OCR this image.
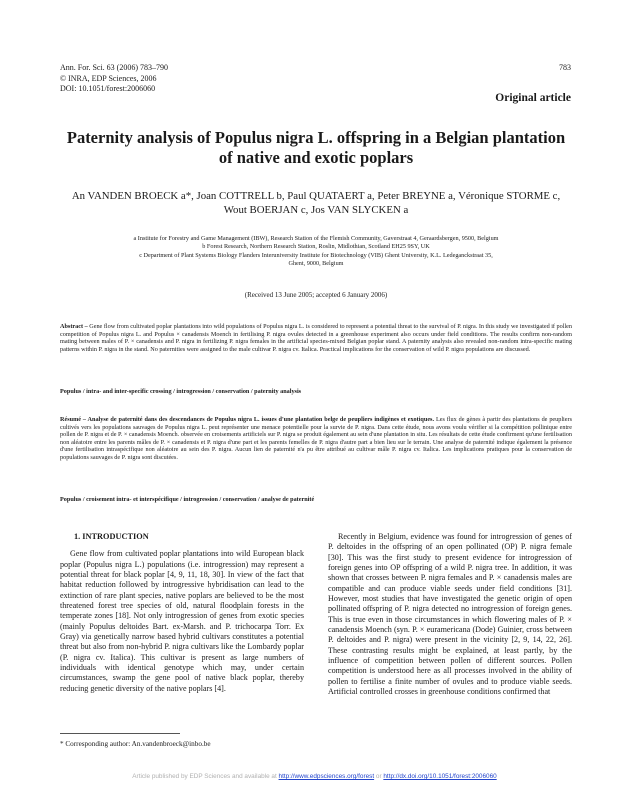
Ann. For. Sci. 63 (2006) 783–790
© INRA, EDP Sciences, 2006
DOI: 10.1051/forest:2006060
783
Original article
Paternity analysis of Populus nigra L. offspring in a Belgian plantation
of native and exotic poplars
An VANDEN BROECK a*, Joan COTTRELL b, Paul QUATAERT a, Peter BREYNE a, Véronique STORME c,
Wout BOERJAN c, Jos VAN SLYCKEN a
a Institute for Forestry and Game Management (IBW), Research Station of the Flemish Community, Gaverstraat 4, Geraardsbergen, 9500, Belgium
b Forest Research, Northern Research Station, Roslin, Midlothian, Scotland EH25 9SY, UK
c Department of Plant Systems Biology Flanders Interuniversity Institute for Biotechnology (VIB) Ghent University, K.L. Ledeganckstraat 35,
Ghent, 9000, Belgium
(Received 13 June 2005; accepted 6 January 2006)
Abstract – Gene flow from cultivated poplar plantations into wild populations of Populus nigra L. is considered to represent a potential threat to the survival of P. nigra. In this study we investigated if pollen competition of Populus nigra L. and Populus × canadensis Moench in fertilising P. nigra ovules detected in a greenhouse experiment also occurs under field conditions. The results confirm non-random mating between males of P. × canadensis and P. nigra in fertilizing P. nigra females in the artificial species-mixed Belgian poplar stand. A paternity analysis also revealed non-random intra-specific mating patterns within P. nigra in the stand. No paternities were assigned to the male cultivar P. nigra cv. Italica. Practical implications for the conservation of wild P. nigra populations are discussed.
Populus / intra- and inter-specific crossing / introgression / conservation / paternity analysis
Résumé – Analyse de paternité dans des descendances de Populus nigra L. issues d'une plantation belge de peupliers indigènes et exotiques. Les flux de gènes à partir des plantations de peupliers cultivés vers les populations sauvages de Populus nigra L. peut représenter une menace potentielle pour la survie de P. nigra. Dans cette étude, nous avons voulu vérifier si la compétition pollinique entre pollen de P. nigra et de P. × canadensis Moench. observée en croisements artificiels sur P. nigra se produit également au sein d'une plantation in situ. Les résultats de cette étude confirment qu'une fertilisation non aléatoire entre les parents mâles de P. × canadensis et P. nigra d'une part et les parents femelles de P. nigra d'autre part a bien lieu sur le terrain. Une analyse de paternité indique également la présence d'une fertilisation intraspécifique non aléatoire au sein des P. nigra. Aucun lien de paternité n'a pu être attribué au cultivar mâle P. nigra cv. Italica. Les implications pratiques pour la conservation de populations sauvages de P. nigra sont discutées.
Populus / croisement intra- et interspécifique / introgression / conservation / analyse de paternité
1. INTRODUCTION

Gene flow from cultivated poplar plantations into wild European black poplar (Populus nigra L.) populations (i.e. introgression) may represent a potential threat for black poplar [4, 9, 11, 18, 30]. In view of the fact that habitat reduction followed by introgressive hybridisation can lead to the extinction of rare plant species, native poplars are believed to be the most threatened forest tree species of old, natural floodplain forests in the temperate zones [18]. Not only introgression of genes from exotic species (mainly Populus deltoides Bart. ex-Marsh. and P. trichocarpa Torr. Ex Gray) via genetically narrow based hybrid cultivars constitutes a potential threat but also from non-hybrid P. nigra cultivars like the Lombardy poplar (P. nigra cv. Italica). This cultivar is present as large numbers of individuals with identical genotype which may, under certain circumstances, swamp the gene pool of native black poplar, thereby reducing genetic diversity of the native poplars [4].

Recently in Belgium, evidence was found for introgression of genes of P. deltoides in the offspring of an open pollinated (OP) P. nigra female [30]. This was the first study to present evidence for introgression of foreign genes into OP offspring of a wild P. nigra tree. In addition, it was shown that crosses between P. nigra females and P. × canadensis males are compatible and can produce viable seeds under field conditions [31]. However, most studies that have investigated the genetic origin of open pollinated offspring of P. nigra detected no introgression of foreign genes. This is true even in those circumstances in which flowering males of P. × canadensis Moench (syn. P. × euramericana (Dode) Guinier, cross between P. deltoides and P. nigra) were present in the vicinity [2, 9, 14, 22, 26]. These contrasting results might be explained, at least partly, by the influence of competition between pollen of different sources. Pollen competition is understood here as all processes involved in the ability of pollen to fertilise a finite number of ovules and to produce viable seeds. Artificial controlled crosses in greenhouse conditions confirmed that

* Corresponding author: An.vandenbroeck@inbo.be
Article published by EDP Sciences and available at http://www.edpsciences.org/forest or http://dx.doi.org/10.1051/forest:2006060
